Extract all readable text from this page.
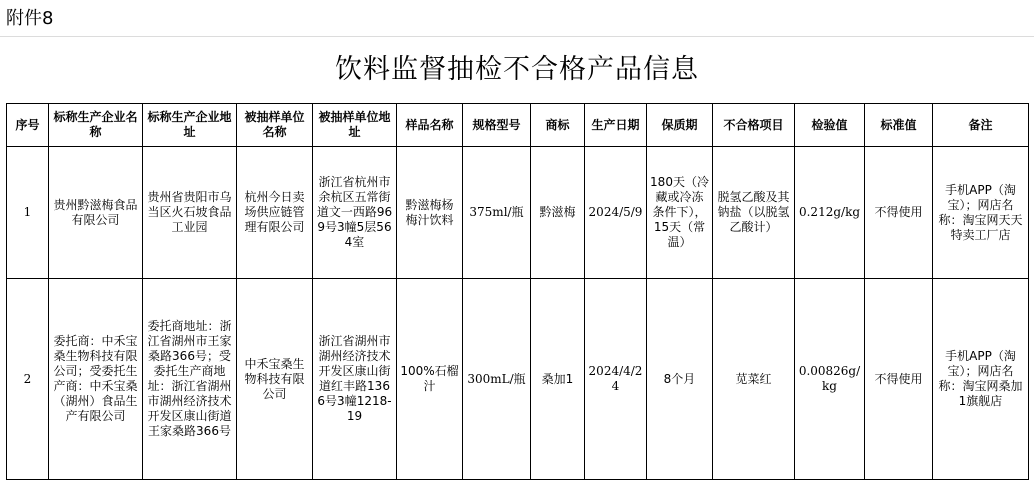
附件8
饮料监督抽检不合格产品信息
序号	标称生产企业名称	标称生产企业地址	被抽样单位名称	被抽样单位地址	样品名称	规格型号	商标	生产日期	保质期	不合格项目	检验值	标准值	备注
1	贵州黔滋梅食品有限公司	贵州省贵阳市乌当区火石坡食品工业园	杭州今日卖场供应链管理有限公司	浙江省杭州市余杭区五常街道文一西路969号3幢5层564室	黔滋梅杨梅汁饮料	375ml/瓶	黔滋梅	2024/5/9	180天（冷藏或冷冻条件下），15天（常温）	脱氢乙酸及其钠盐（以脱氢乙酸计）	0.212g/kg	不得使用	手机APP（淘宝）；网店名称：淘宝网天天特卖工厂店
2	委托商：中禾宝桑生物科技有限公司；受委托生产商：中禾宝桑（湖州）食品生产有限公司	委托商地址：浙江省湖州市王家桑路366号；受委托生产商地址：浙江省湖州市湖州经济技术开发区康山街道王家桑路366号	中禾宝桑生物科技有限公司	浙江省湖州市湖州经济技术开发区康山街道红丰路1366号3幢1218-19	100%石榴汁	300mL/瓶	桑加1	2024/4/24	8个月	苋菜红	0.00826g/kg	不得使用	手机APP（淘宝）；网店名称：淘宝网桑加1旗舰店
